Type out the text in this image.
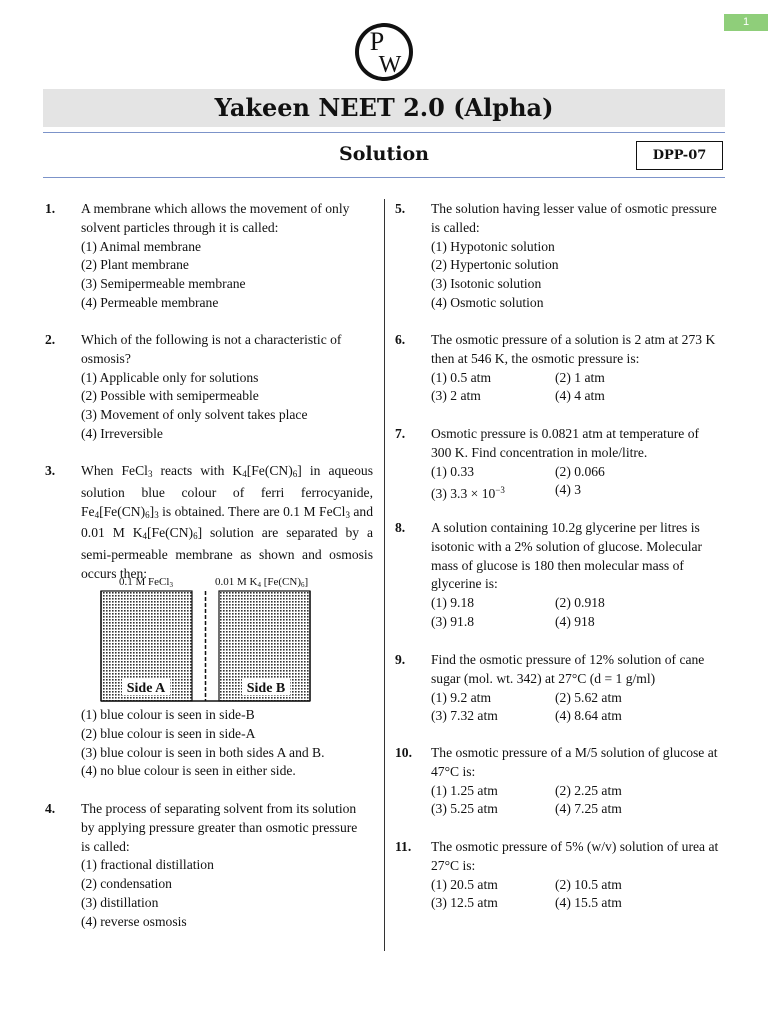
1
P
W
Yakeen NEET 2.0 (Alpha)
Solution	DPP-07
1. A membrane which allows the movement of only
solvent particles through it is called:
(1) Animal membrane
(2) Plant membrane
(3) Semipermeable membrane
(4) Permeable membrane
2. Which of the following is not a characteristic of
osmosis?
(1) Applicable only for solutions
(2) Possible with semipermeable
(3) Movement of only solvent takes place
(4) Irreversible
3. When FeCl$_3$ reacts with $K_4[Fe(CN)_6]$ in aqueous solution blue colour of ferri ferrocyanide, $Fe_4[Fe(CN)_6]_3$ is obtained. There are 0.1 M FeCl$_3$ and 0.01 M $K_4[Fe(CN)_6]$ solution are separated by a semi-permeable membrane as shown and osmosis occurs then:
0.1 M FeCl3	0.01 M K4 [Fe(CN)6]
Side A	Side B
(1) blue colour is seen in side-B
(2) blue colour is seen in side-A
(3) blue colour is seen in both sides A and B.
(4) no blue colour is seen in either side.
4. The process of separating solvent from its solution
by applying pressure greater than osmotic pressure
is called:
(1) fractional distillation
(2) condensation
(3) distillation
(4) reverse osmosis
5. The solution having lesser value of osmotic pressure
is called:
(1) Hypotonic solution
(2) Hypertonic solution
(3) Isotonic solution
(4) Osmotic solution
6. The osmotic pressure of a solution is 2 atm at 273 K
then at 546 K, the osmotic pressure is:
(1) 0.5 atm	(2) 1 atm
(3) 2 atm	(4) 4 atm
7. Osmotic pressure is 0.0821 atm at temperature of
300 K. Find concentration in mole/litre.
(1) 0.33	(2) 0.066
(3) $3.3 \times 10^{-3}$	(4) 3
8. A solution containing 10.2g glycerine per litres is
isotonic with a 2% solution of glucose. Molecular
mass of glucose is 180 then molecular mass of
glycerine is:
(1) 9.18	(2) 0.918
(3) 91.8	(4) 918
9. Find the osmotic pressure of 12% solution of cane
sugar (mol. wt. 342) at 27°C (d = 1 g/ml)
(1) 9.2 atm	(2) 5.62 atm
(3) 7.32 atm	(4) 8.64 atm
10. The osmotic pressure of a M/5 solution of glucose at
47°C is:
(1) 1.25 atm	(2) 2.25 atm
(3) 5.25 atm	(4) 7.25 atm
11. The osmotic pressure of 5% (w/v) solution of urea at
27°C is:
(1) 20.5 atm	(2) 10.5 atm
(3) 12.5 atm	(4) 15.5 atm
